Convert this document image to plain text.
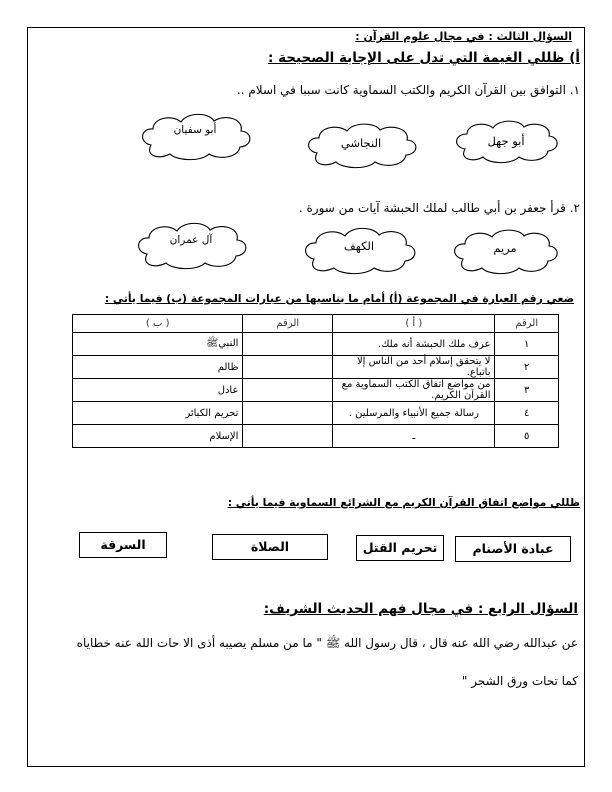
السؤال الثالث : في مجال علوم القرآن :
أ) ظللي الغيمة التي تدل على الإجابة الصحيحة :
١. التوافق بين القرآن الكريم والكتب السماوية كانت سببا في اسلام ..
أبو جهل
النجاشي
أبو سفيان
٢. قرأ جعفر بن أبي طالب لملك الحبشة آيات من سورة .
مريم
الكهف
آل عمران
ضعي رقم العبارة في المجموعة (أ) أمام ما يناسبها من عبارات المجموعة (ب) فيما يأتي :
الرقم	( أ )	الرقم	( ب )
١	عرف ملك الحبشة أنه ملك.		النبيﷺ
٢	لا يتحقق إسلام أحد من الناس إلا باتباع.		ظالم
٣	من مواضع اتفاق الكتب السماوية مع القرآن الكريم.		عادل
٤	رسالة جميع الأنبياء والمرسلين .		تحريم الكبائر
٥	ـ		الإسلام
ظللي مواضع اتفاق القرآن الكريم مع الشرائع السماوية فيما يأتي :
عبادة الأصنام
تحريم القتل
الصلاة
السرقة
السؤال الرابع : في مجال فهم الحديث الشريف:
عن عبدالله رضي الله عنه قال ، قال رسول الله ﷺ " ما من مسلم يصيبه أذى الا حات الله عنه خطاياه
كما تحات ورق الشجر "
